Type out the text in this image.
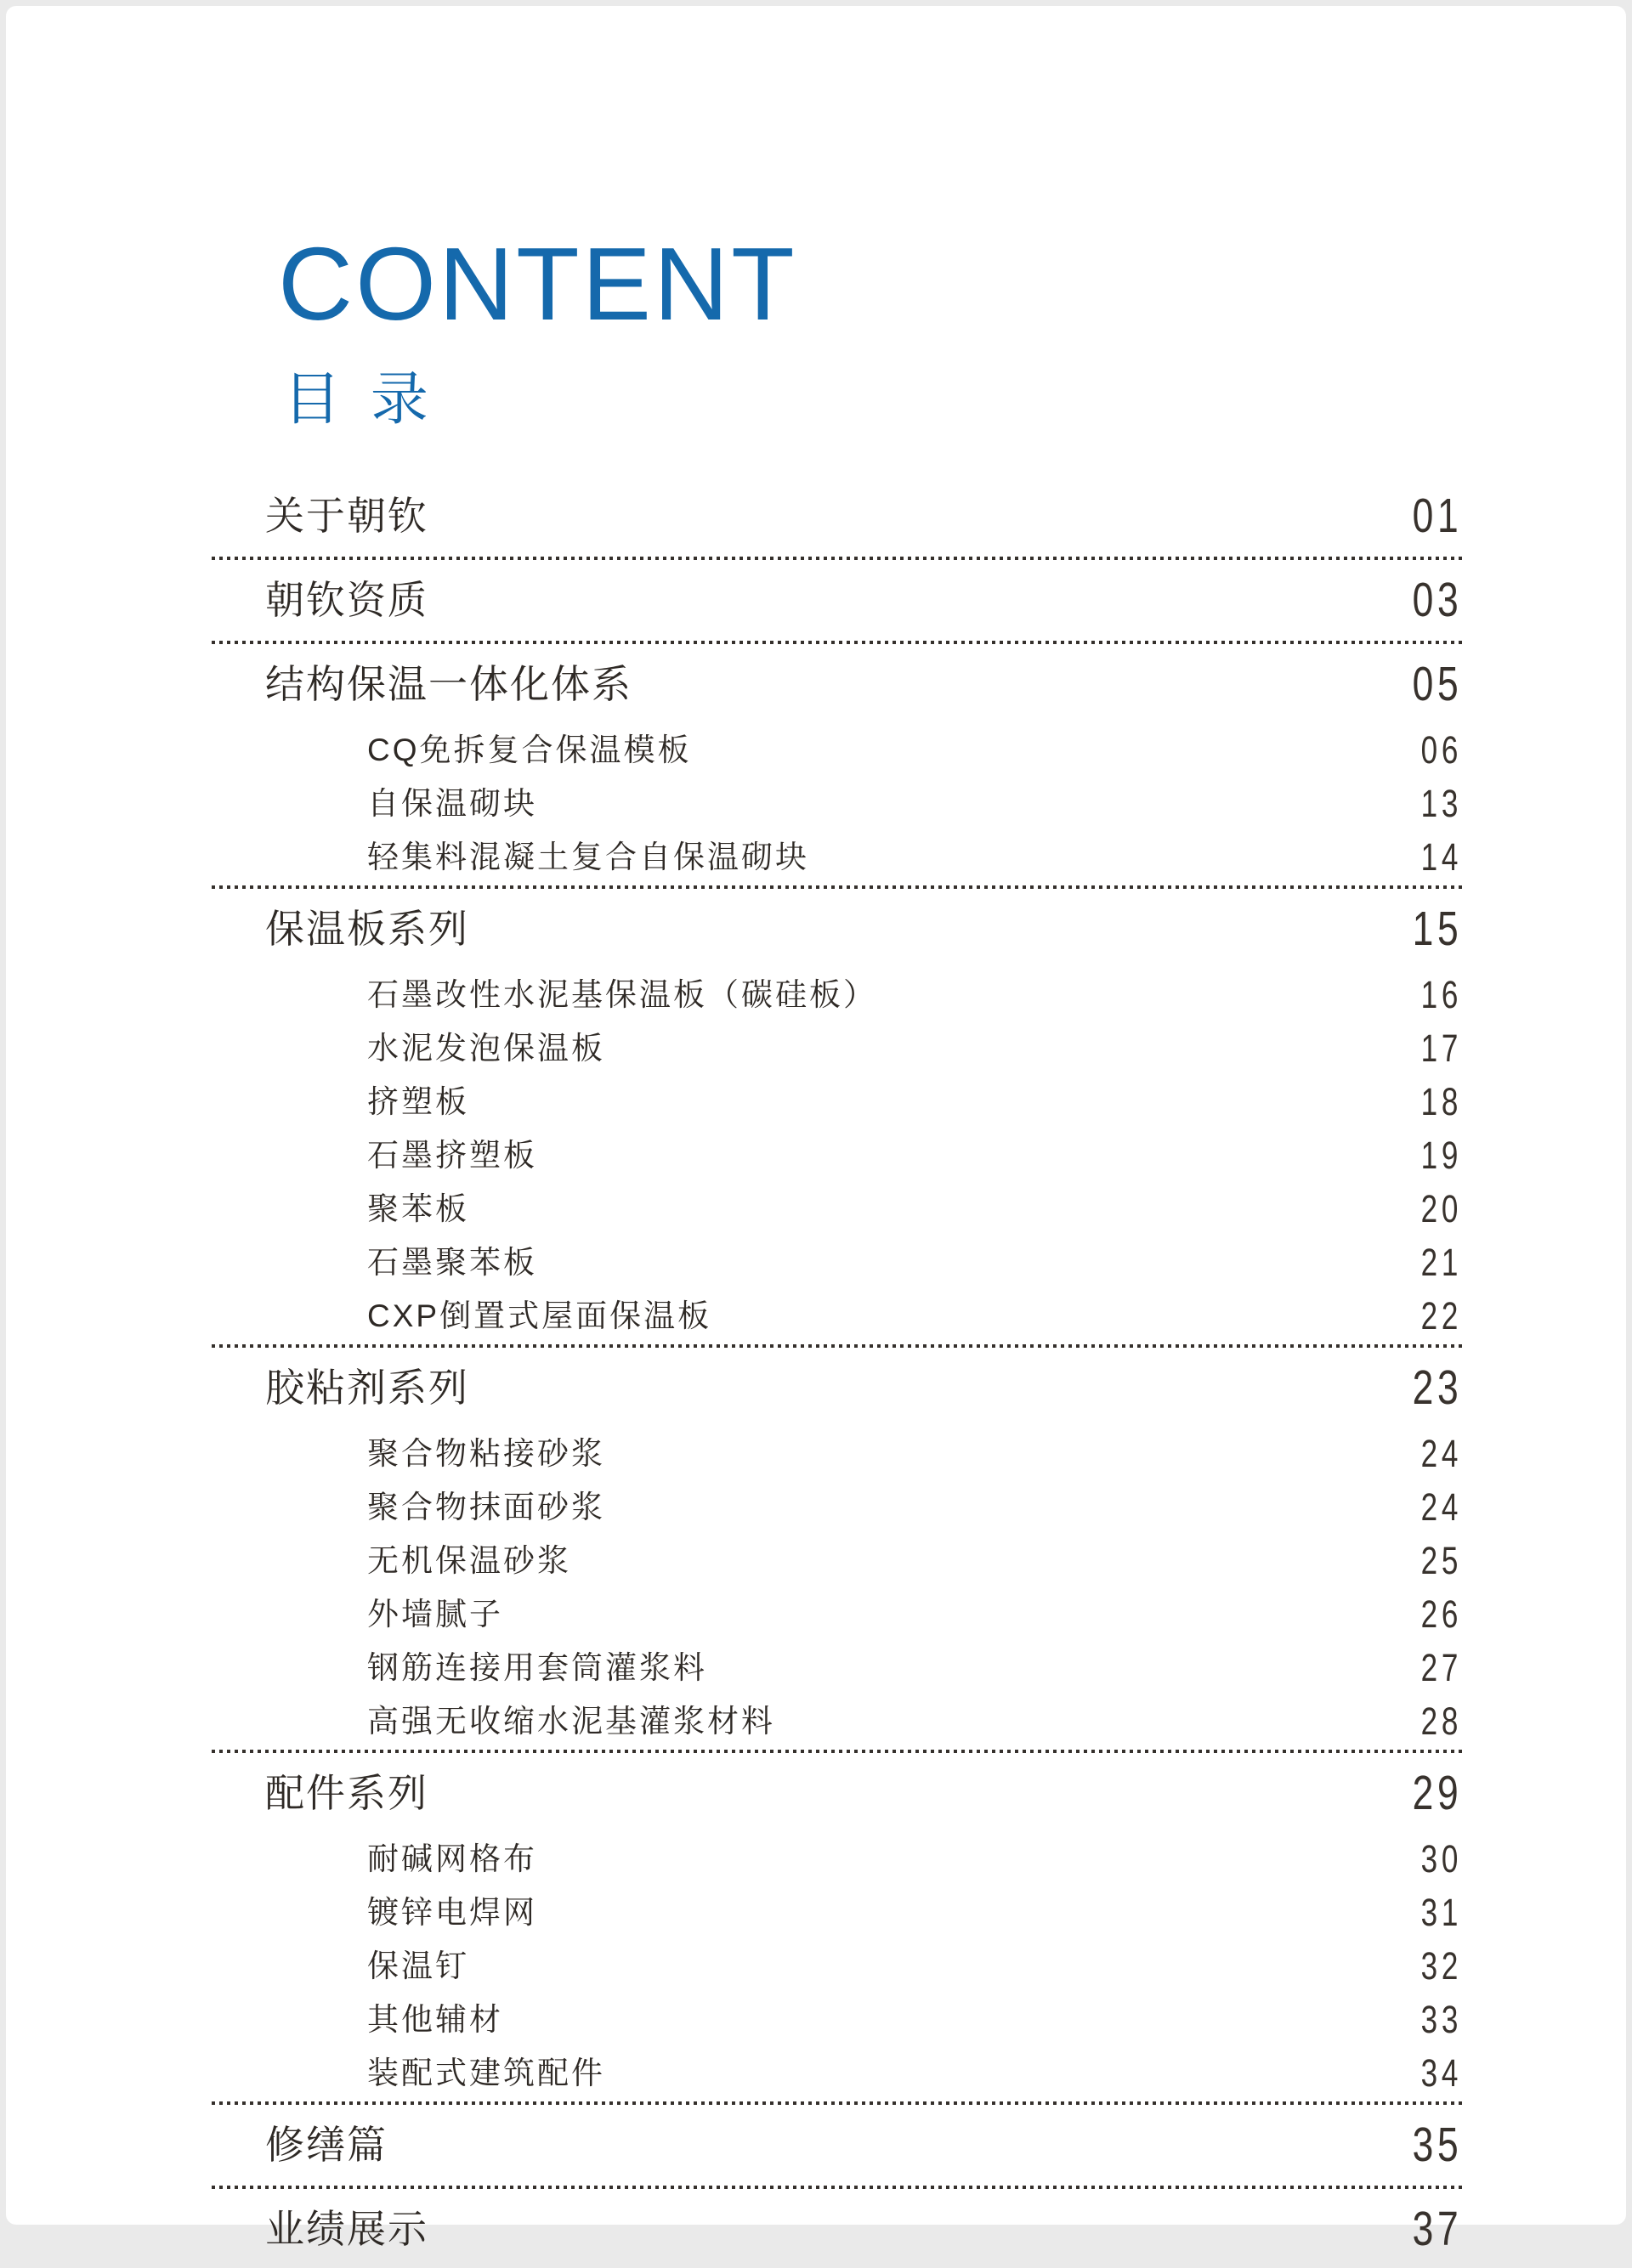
CONTENT
目 录
关于朝钦	01
朝钦资质	03
结构保温一体化体系	05
CQ免拆复合保温模板	06
自保温砌块	13
轻集料混凝土复合自保温砌块	14
保温板系列	15
石墨改性水泥基保温板（碳硅板）	16
水泥发泡保温板	17
挤塑板	18
石墨挤塑板	19
聚苯板	20
石墨聚苯板	21
CXP倒置式屋面保温板	22
胶粘剂系列	23
聚合物粘接砂浆	24
聚合物抹面砂浆	24
无机保温砂浆	25
外墙腻子	26
钢筋连接用套筒灌浆料	27
高强无收缩水泥基灌浆材料	28
配件系列	29
耐碱网格布	30
镀锌电焊网	31
保温钉	32
其他辅材	33
装配式建筑配件	34
修缮篇	35
业绩展示	37
